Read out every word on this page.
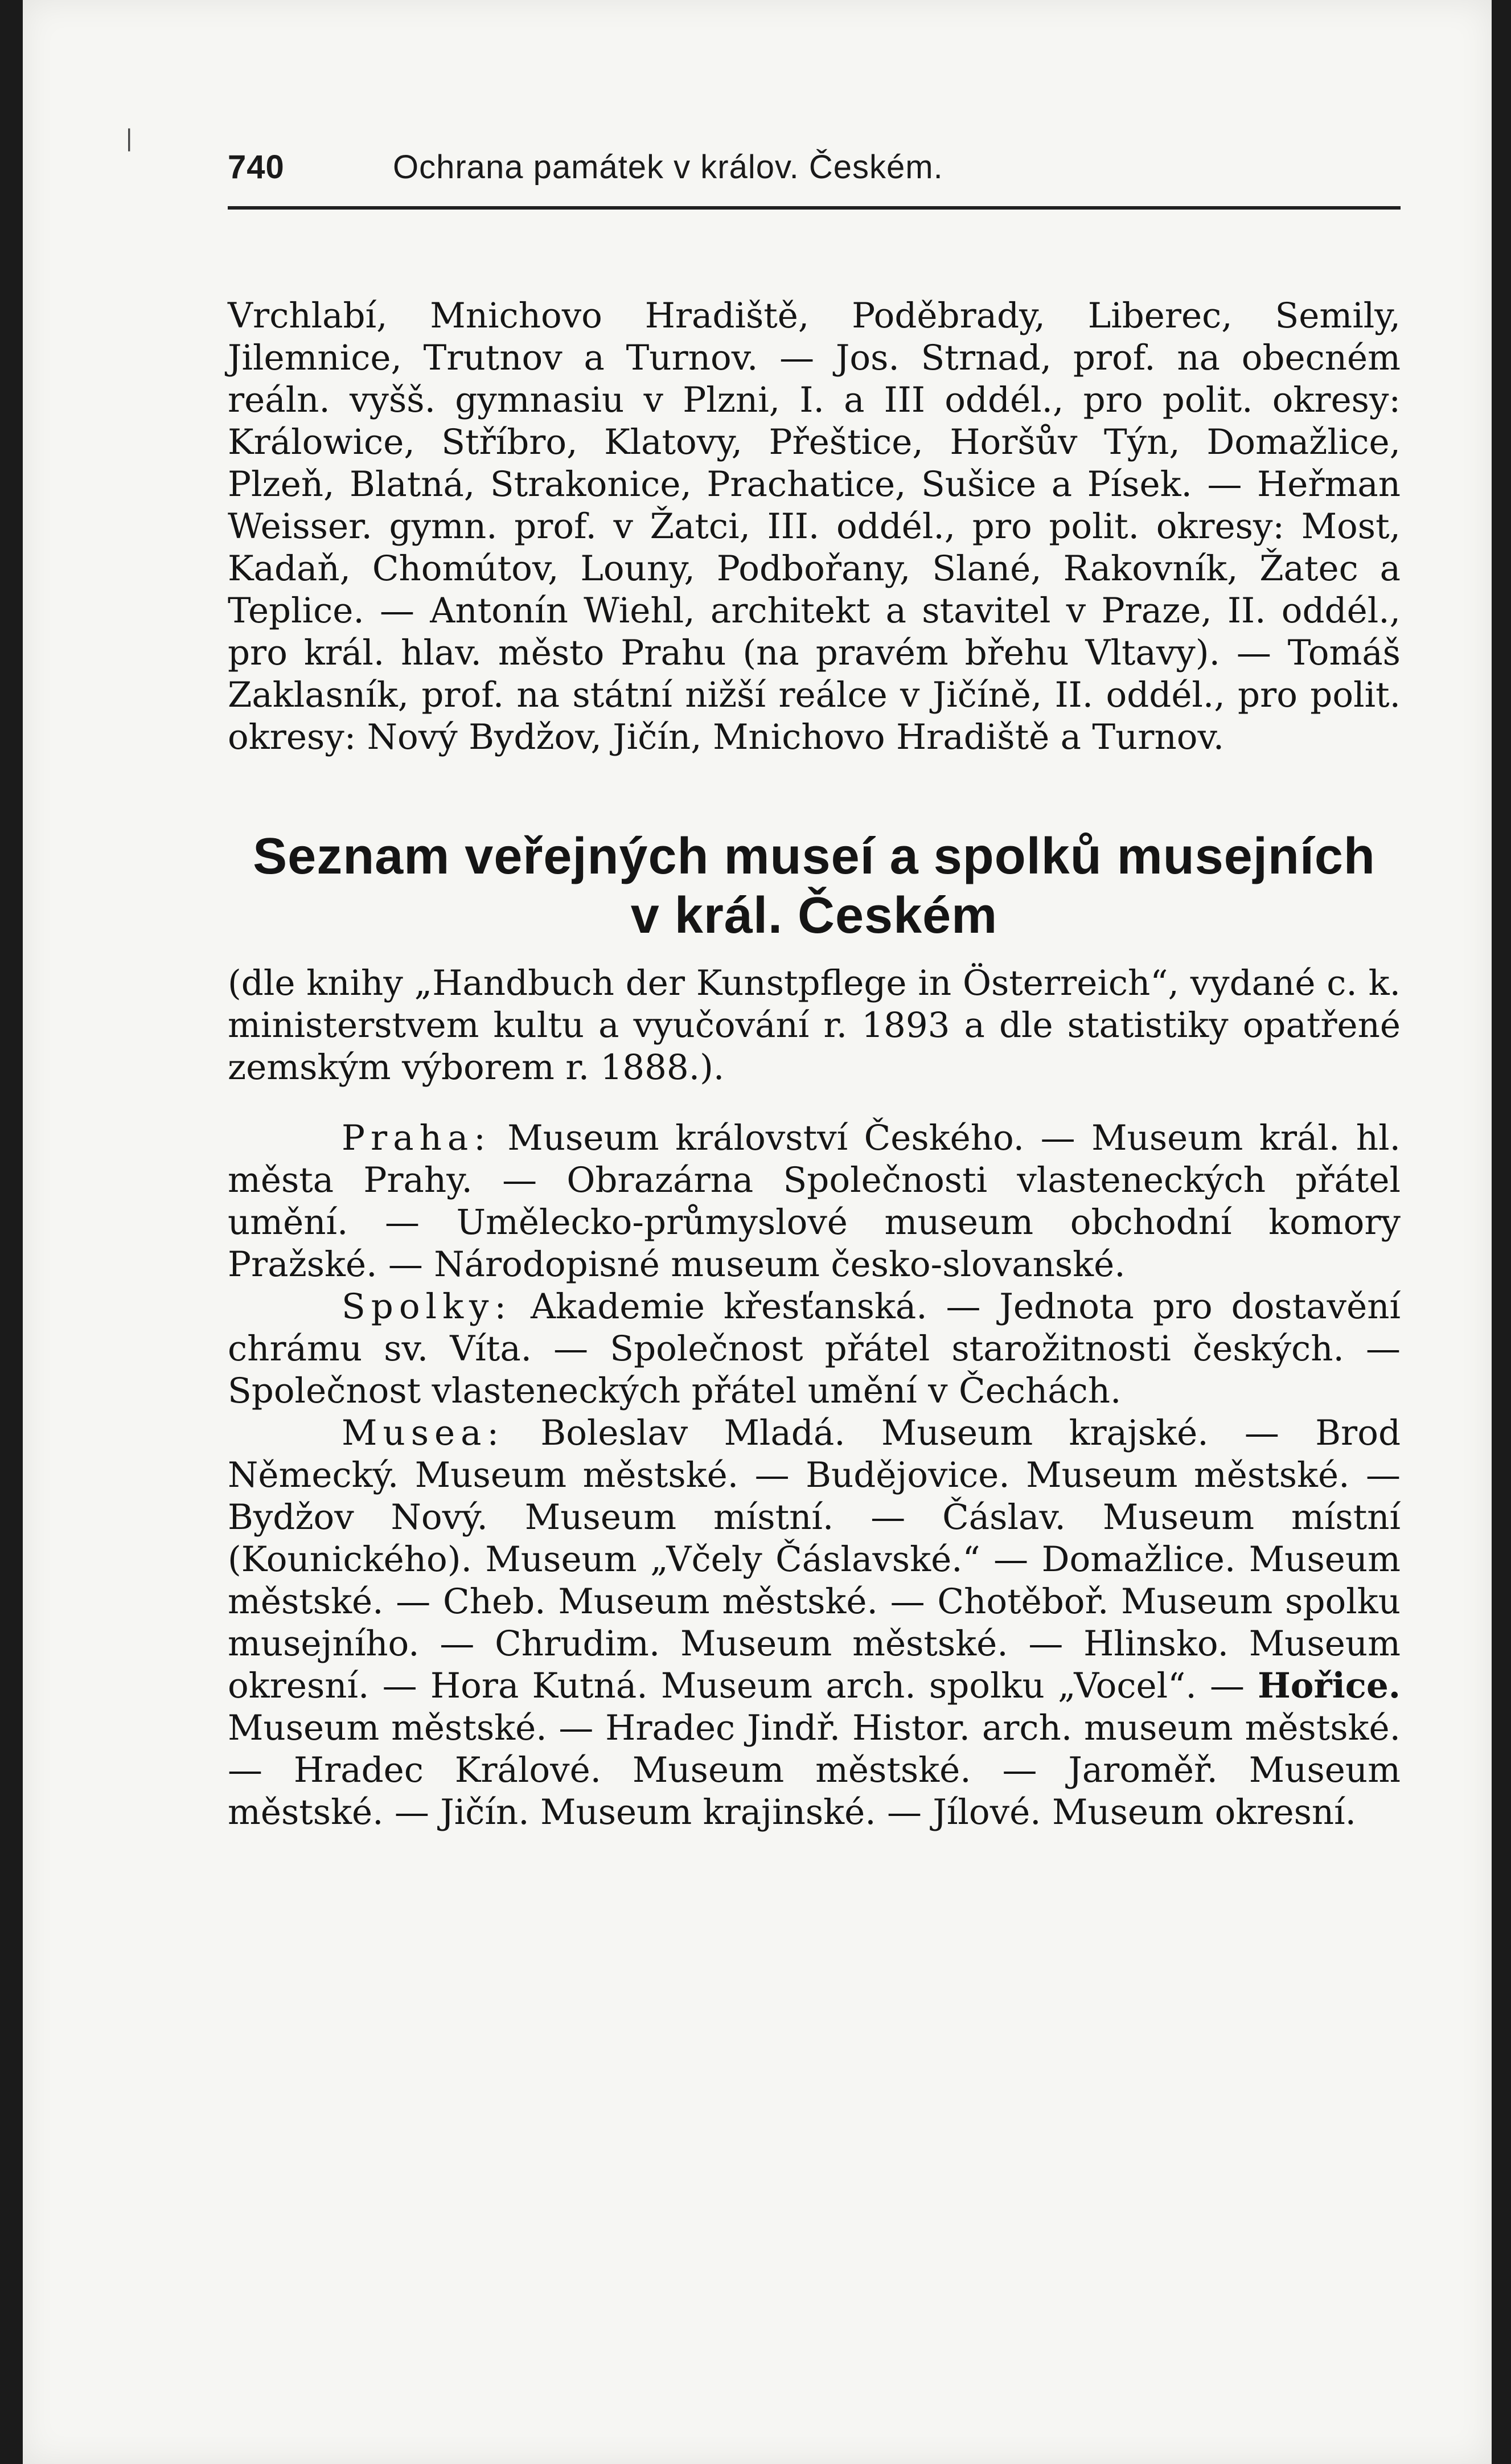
|
740	Ochrana památek v králov. Českém.

Vrchlabí, Mnichovo Hradiště, Poděbrady, Liberec, Semily, Jilemnice, Trutnov a Turnov. — Jos. Strnad, prof. na obecném reáln. vyšš. gymnasiu v Plzni, I. a III oddél., pro polit. okresy: Králowice, Stříbro, Klatovy, Přeštice, Horšův Týn, Domažlice, Plzeň, Blatná, Strakonice, Prachatice, Sušice a Písek. — Heřman Weisser. gymn. prof. v Žatci, III. oddél., pro polit. okresy: Most, Kadaň, Chomútov, Louny, Podbořany, Slané, Rakovník, Žatec a Teplice. — Antonín Wiehl, architekt a stavitel v Praze, II. oddél., pro král. hlav. město Prahu (na pravém břehu Vltavy). — Tomáš Zaklasník, prof. na státní nižší reálce v Jičíně, II. oddél., pro polit. okresy: Nový Bydžov, Jičín, Mnichovo Hradiště a Turnov.

Seznam veřejných museí a spolků musejních
v král. Českém

(dle knihy „Handbuch der Kunstpflege in Österreich“, vydané c. k. ministerstvem kultu a vyučování r. 1893 a dle statistiky opatřené zemským výborem r. 1888.).

Praha: Museum království Českého. — Museum král. hl. města Prahy. — Obrazárna Společnosti vlasteneckých přátel umění. — Umělecko-průmyslové museum obchodní komory Pražské. — Národopisné museum česko-slovanské.

Spolky: Akademie křesťanská. — Jednota pro dostavění chrámu sv. Víta. — Společnost přátel starožitnosti českých. — Společnost vlasteneckých přátel umění v Čechách.

Musea: Boleslav Mladá. Museum krajské. — Brod Německý. Museum městské. — Budějovice. Museum městské. — Bydžov Nový. Museum místní. — Čáslav. Museum místní (Kounického). Museum „Včely Čáslavské.“ — Domažlice. Museum městské. — Cheb. Museum městské. — Chotěboř. Museum spolku musejního. — Chrudim. Museum městské. — Hlinsko. Museum okresní. — Hora Kutná. Museum arch. spolku „Vocel“. — Hořice. Museum městské. — Hradec Jindř. Histor. arch. museum městské. — Hradec Králové. Museum městské. — Jaroměř. Museum městské. — Jičín. Museum krajinské. — Jílové. Museum okresní.
